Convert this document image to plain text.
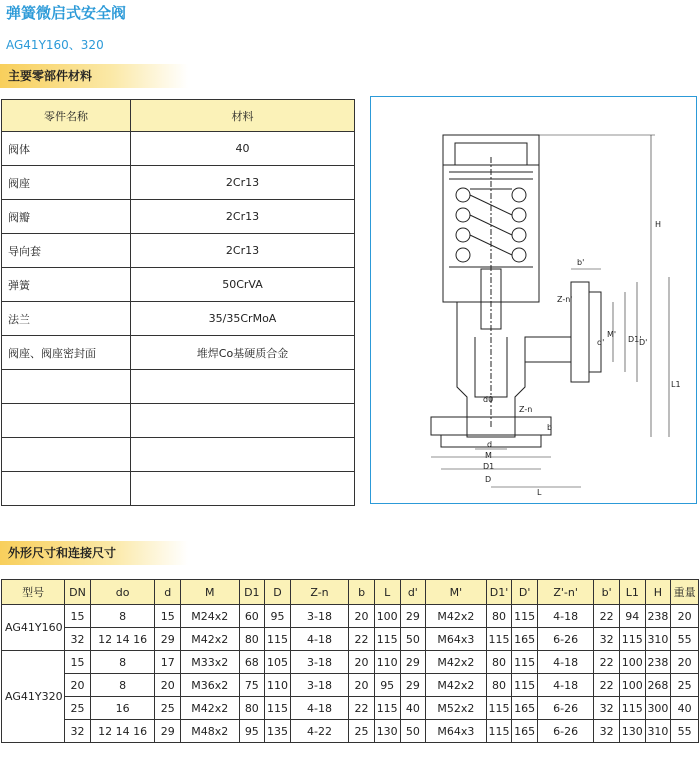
弹簧微启式安全阀
AG41Y160、320
主要零部件材料
零件名称	材料
阀体	40
阀座	2Cr13
阀瓣	2Cr13
导向套	2Cr13
弹簧	50CrVA
法兰	35/35CrMoA
阀座、阀座密封面	堆焊Co基硬质合金

H
b'
Z-n'
M'
d'	D1'
D'
L1
d0
Z-n
b
d
M
D1
D
L
外形尺寸和连接尺寸
型号	DN	do	d	M	D1	D	Z-n	b	L	d'	M'	D1'	D'	Z'-n'	b'	L1	H	重量
AG41Y160	15	8	15	M24x2	60	95	3-18	20	100	29	M42x2	80	115	4-18	22	94	238	20
	32	12 14 16	29	M42x2	80	115	4-18	22	115	50	M64x3	115	165	6-26	32	115	310	55
AG41Y320	15	8	17	M33x2	68	105	3-18	20	110	29	M42x2	80	115	4-18	22	100	238	20
	20	8	20	M36x2	75	110	3-18	20	95	29	M42x2	80	115	4-18	22	100	268	25
	25	16	25	M42x2	80	115	4-18	22	115	40	M52x2	115	165	6-26	32	115	300	40
	32	12 14 16	29	M48x2	95	135	4-22	25	130	50	M64x3	115	165	6-26	32	130	310	55
